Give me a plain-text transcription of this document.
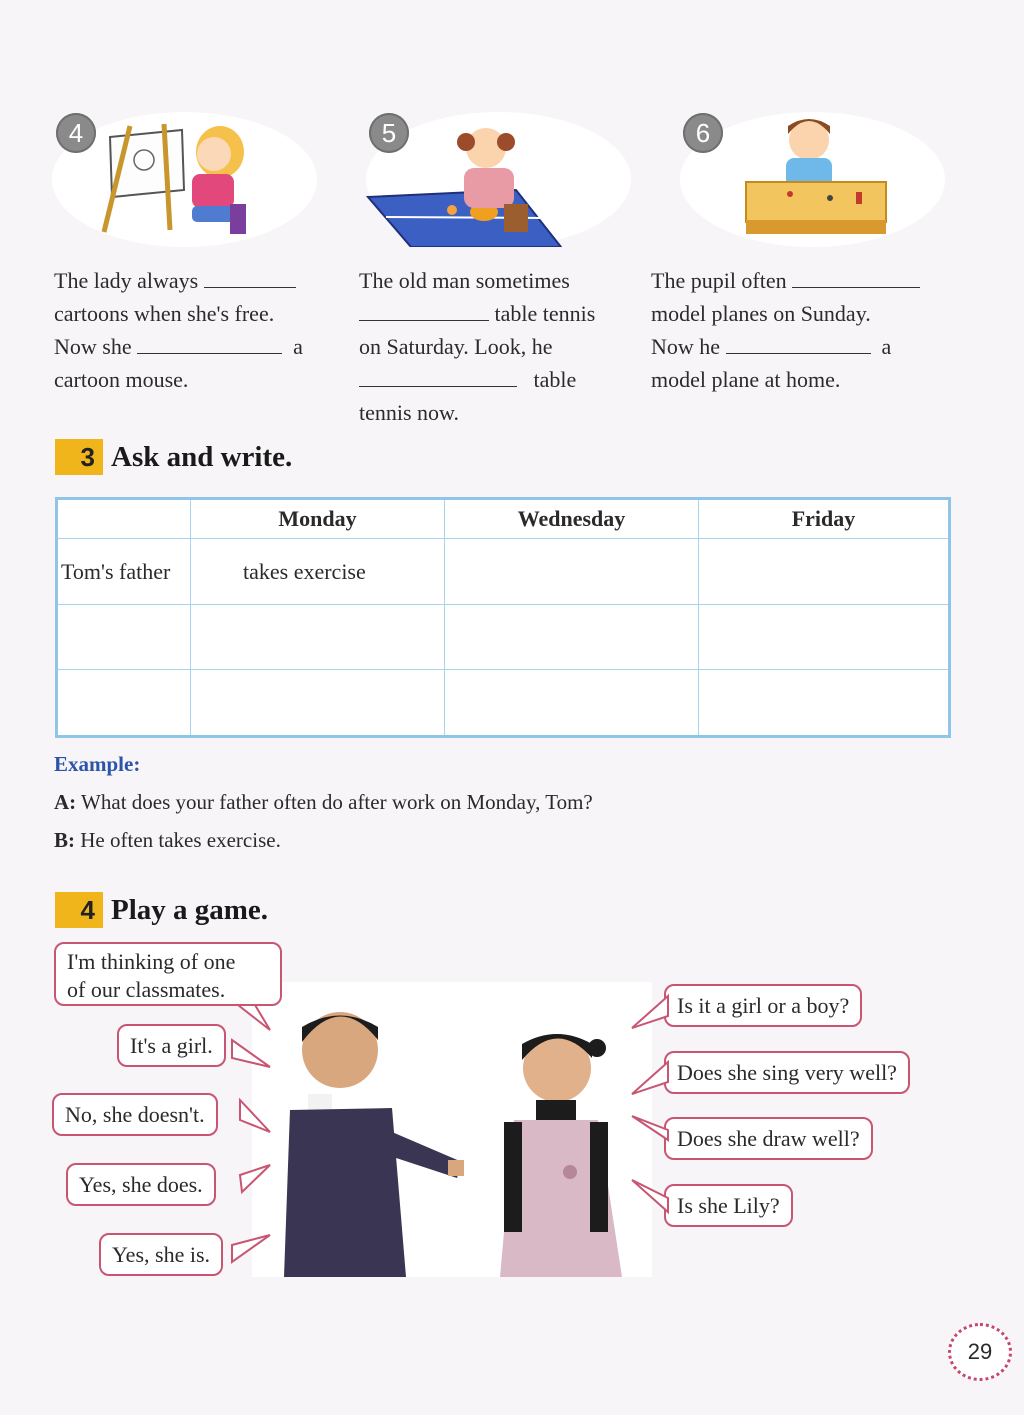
4	5	6
The lady always
cartoons when she's free.
Now she	a
cartoon mouse.
The old man sometimes
table tennis
on Saturday. Look, he
table
tennis now.
The pupil often
model planes on Sunday.
Now he	a
model plane at home.
3 Ask and write.
	Monday	Wednesday	Friday
Tom's father	takes exercise		

Example:
A: What does your father often do after work on Monday, Tom?
B: He often takes exercise.
4 Play a game.
I'm thinking of one
of our classmates.
It's a girl.
No, she doesn't.
Yes, she does.
Yes, she is.
Is it a girl or a boy?
Does she sing very well?
Does she draw well?
Is she Lily?
29
